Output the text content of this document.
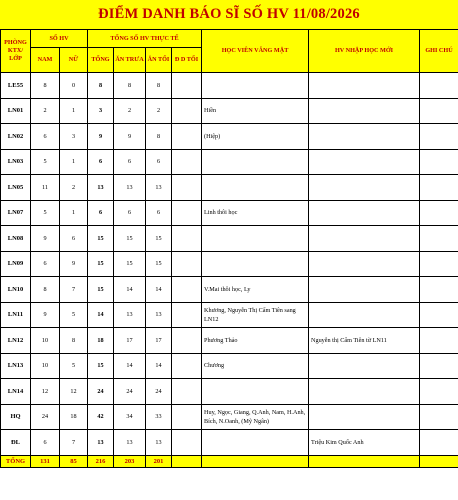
ĐIỂM DANH BÁO SĨ SỐ HV 11/08/2026
PHÒNG KTX/ LỚP	SỐ HV		TỔNG SỐ HV THỰC TẾ				HỌC VIÊN VẮNG MẶT	HV NHẬP HỌC MỚI	GHI CHÚ
	NAM	NỮ	TỔNG	ĂN TRƯA	ĂN TỐI	Đ D TỐI			
LE55	8	0	8	8	8				
LN01	2	1	3	2	2		Hiền		
LN02	6	3	9	9	8		(Hiệp)		
LN03	5	1	6	6	6				
LN05	11	2	13	13	13				
LN07	5	1	6	6	6		Linh thôi học		
LN08	9	6	15	15	15				
LN09	6	9	15	15	15				
LN10	8	7	15	14	14		V.Mai thôi học, Ly		
LN11	9	5	14	13	13		Khương, Nguyễn Thị Cẩm Tiên sang LN12		
LN12	10	8	18	17	17		Phương Thảo	Nguyễn thị Cẩm Tiên từ LN11	
LN13	10	5	15	14	14		Chương		
LN14	12	12	24	24	24				
HQ	24	18	42	34	33		Huy, Ngọc, Giang, Q.Anh, Nam, H.Anh, Bích, N.Oanh, (Mỹ Ngân)		
ĐL	6	7	13	13	13			Triệu Kim Quốc Anh	
TỔNG	131	85	216	203	201				
